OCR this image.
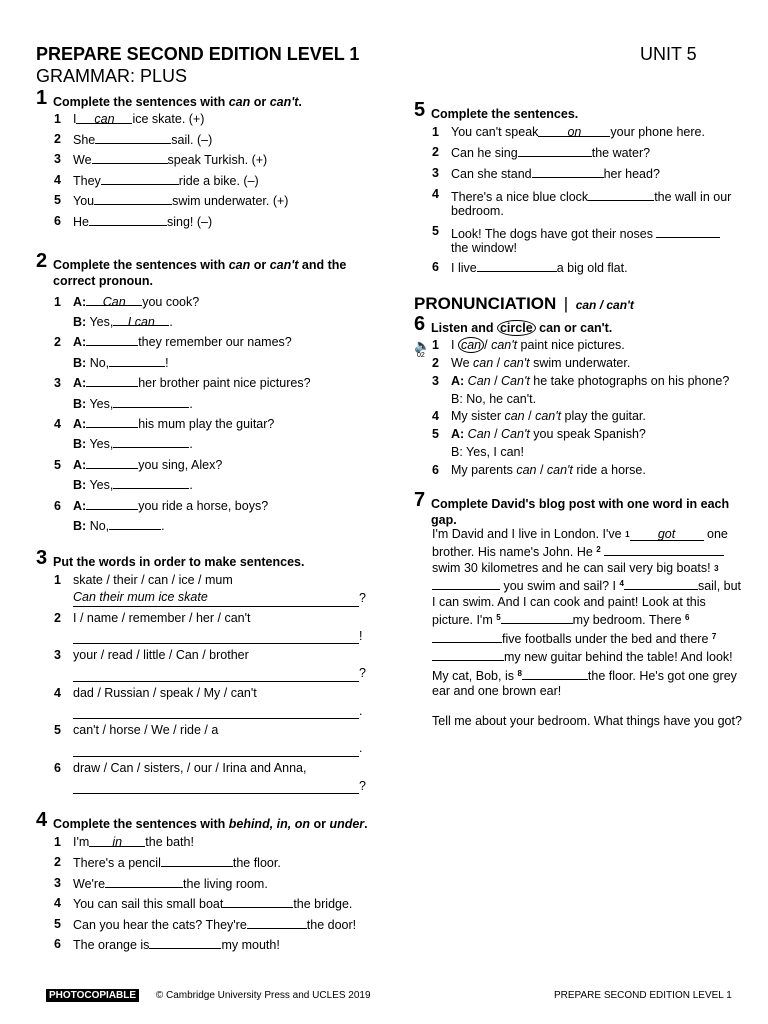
PREPARE SECOND EDITION LEVEL 1
GRAMMAR: PLUS
UNIT 5
1 Complete the sentences with can or can't.
1 I can ice skate. (+)
2 She	sail. (–)
3 We	speak Turkish. (+)
4 They	ride a bike. (–)
5 You	swim underwater. (+)
6 He	sing! (–)
2 Complete the sentences with can or can't and the correct pronoun.
1 A: Can you cook?
B: Yes, I can .
2 A:	they remember our names?
B: No,	!
3 A:	her brother paint nice pictures?
B: Yes,	.
4 A:	his mum play the guitar?
B: Yes,	.
5 A:	you sing, Alex?
B: Yes,	.
6 A:	you ride a horse, boys?
B: No,	.
3 Put the words in order to make sentences.
1 skate / their / can / ice / mum
Can their mum ice skate	?
2 I / name / remember / her / can't
!
3 your / read / little / Can / brother
?
4 dad / Russian / speak / My / can't
.
5 can't / horse / We / ride / a
.
6 draw / Can / sisters, / our / Irina and Anna,
?
4 Complete the sentences with behind, in, on or under.
1 I'm in the bath!
2 There's a pencil	the floor.
3 We're	the living room.
4 You can sail this small boat	the bridge.
5 Can you hear the cats? They're	the door!
6 The orange is	my mouth!
5 Complete the sentences.
1 You can't speak on your phone here.
2 Can he sing	the water?
3 Can she stand	her head?
4 There's a nice blue clock	the wall in our bedroom.
5 Look! The dogs have got their noses
the window!
6 I live	a big old flat.
PRONUNCIATION | can / can't
6 Listen and circle can or can't.
🔈
02
1 I can / can't paint nice pictures.
2 We can / can't swim underwater.
3 A: Can / Can't he take photographs on his phone?
B: No, he can't.
4 My sister can / can't play the guitar.
5 A: Can / Can't you speak Spanish?
B: Yes, I can!
6 My parents can / can't ride a horse.
7 Complete David's blog post with one word in each gap.
I'm David and I live in London. I've $^1$ got	one brother. His name's John. He $^2$  swim 30 kilometres and he can sail very big boats! $^3$  you swim and sail? I $^4$	sail, but I can swim. And I can cook and paint! Look at this picture. I'm $^5$	my bedroom. There $^6$five footballs under the bed and there $^7$my new guitar behind the table! And look! My cat, Bob, is $^8$	the floor. He's got one grey ear and one brown ear!
Tell me about your bedroom. What things have you got?
PHOTOCOPIABLE © Cambridge University Press and UCLES 2019	PREPARE SECOND EDITION LEVEL 1
